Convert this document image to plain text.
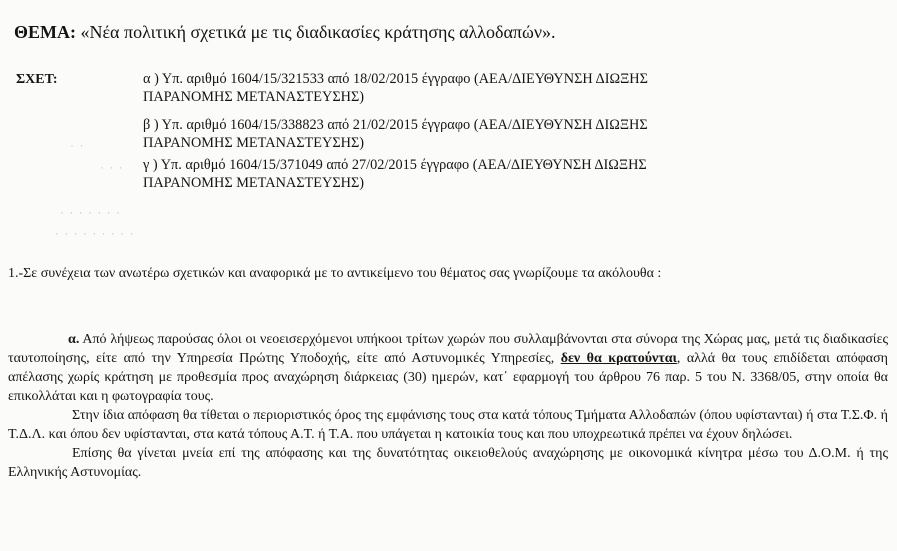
ΘΕΜΑ: «Νέα πολιτική σχετικά με τις διαδικασίες κράτησης αλλοδαπών».
ΣΧΕΤ:	α ) Υπ. αριθμό 1604/15/321533 από 18/02/2015 έγγραφο (ΑΕΑ/ΔΙΕΥΘΥΝΣΗ ΔΙΩΞΗΣ
ΠΑΡΑΝΟΜΗΣ ΜΕΤΑΝΑΣΤΕΥΣΗΣ)
β ) Υπ. αριθμό 1604/15/338823 από 21/02/2015 έγγραφο (ΑΕΑ/ΔΙΕΥΘΥΝΣΗ ΔΙΩΞΗΣ
ΠΑΡΑΝΟΜΗΣ ΜΕΤΑΝΑΣΤΕΥΣΗΣ)
γ ) Υπ. αριθμό 1604/15/371049 από 27/02/2015 έγγραφο (ΑΕΑ/ΔΙΕΥΘΥΝΣΗ ΔΙΩΞΗΣ
ΠΑΡΑΝΟΜΗΣ ΜΕΤΑΝΑΣΤΕΥΣΗΣ)
· ·
· · ·
· · · · · · ·
· · · · · · · · ·
1.-Σε συνέχεια των ανωτέρω σχετικών και αναφορικά με το αντικείμενο του θέματος σας γνωρίζουμε τα ακόλουθα :
α. Από λήψεως παρούσας όλοι οι νεοεισερχόμενοι υπήκοοι τρίτων χωρών που συλλαμβάνονται στα σύνορα της Χώρας μας, μετά τις διαδικασίες ταυτοποίησης, είτε από την Υπηρεσία Πρώτης Υποδοχής, είτε από Αστυνομικές Υπηρεσίες, δεν θα κρατούνται, αλλά θα τους επιδίδεται απόφαση απέλασης χωρίς κράτηση με προθεσμία προς αναχώρηση διάρκειας (30) ημερών, κατ΄ εφαρμογή του άρθρου 76 παρ. 5 του Ν. 3368/05, στην οποία θα επικολλάται και η φωτογραφία τους.
Στην ίδια απόφαση θα τίθεται ο περιοριστικός όρος της εμφάνισης τους στα κατά τόπους Τμήματα Αλλοδαπών (όπου υφίστανται) ή στα Τ.Σ.Φ. ή Τ.Δ.Λ. και όπου δεν υφίστανται, στα κατά τόπους Α.Τ. ή Τ.Α. που υπάγεται η κατοικία τους και που υποχρεωτικά πρέπει να έχουν δηλώσει.
Επίσης θα γίνεται μνεία επί της απόφασης και της δυνατότητας οικειοθελούς αναχώρησης με οικονομικά κίνητρα μέσω του Δ.Ο.Μ. ή της Ελληνικής Αστυνομίας.
